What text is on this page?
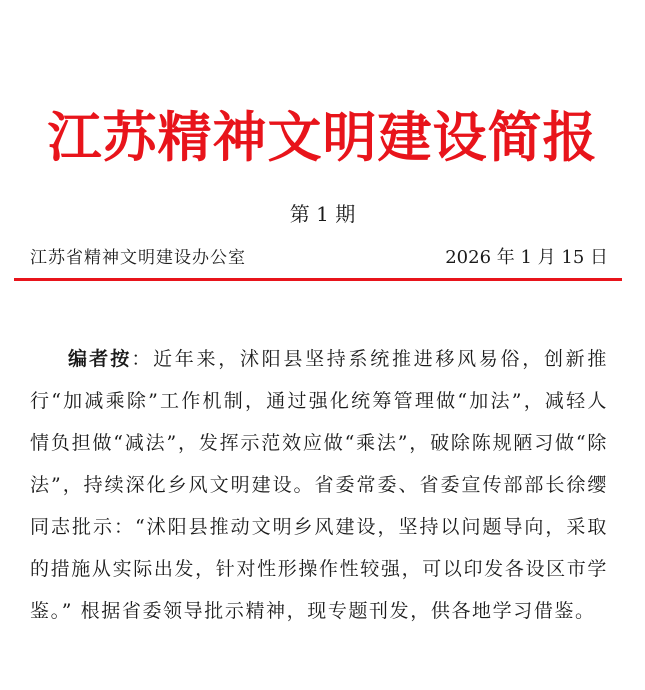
江苏精神文明建设简报
第 1 期
江苏省精神文明建设办公室	2026 年 1 月 15 日

编者按：近年来，沭阳县坚持系统推进移风易俗，创新推行“加减乘除”工作机制，通过强化统筹管理做“加法”，减轻人情负担做“减法”，发挥示范效应做“乘法”，破除陈规陋习做“除法”，持续深化乡风文明建设。省委常委、省委宣传部部长徐缨同志批示：“沭阳县推动文明乡风建设，坚持以问题导向，采取的措施从实际出发，针对性形操作性较强，可以印发各设区市学鉴。” 根据省委领导批示精神，现专题刊发，供各地学习借鉴。
